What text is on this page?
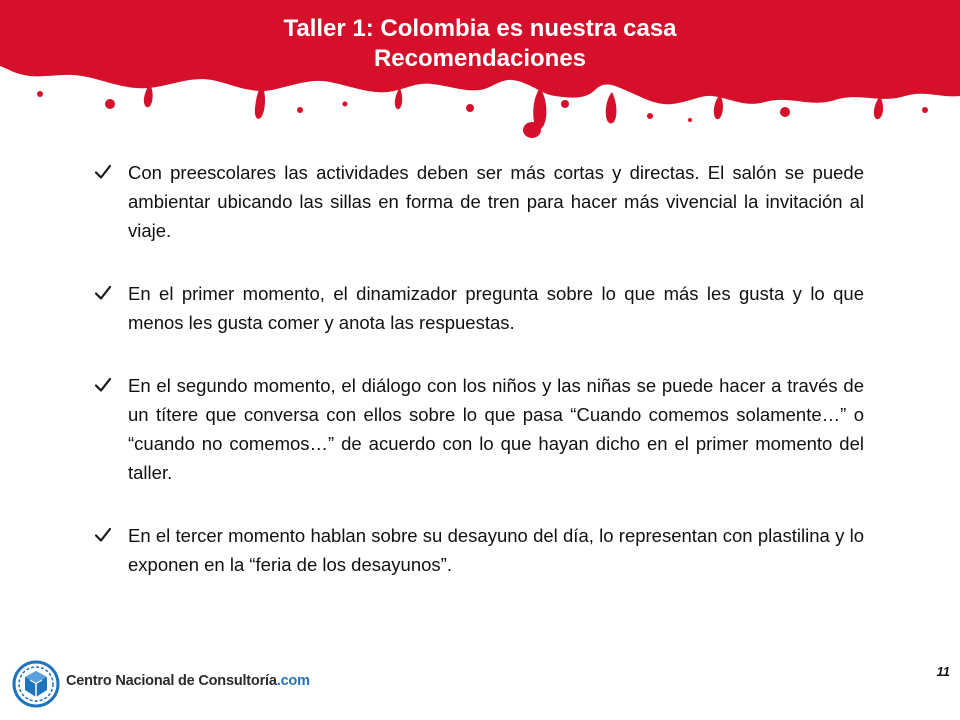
Taller 1: Colombia es nuestra casa
Recomendaciones
Con preescolares las actividades deben ser más cortas y directas. El salón se puede ambientar ubicando las sillas en forma de tren para hacer más vivencial la invitación al viaje.
En el primer momento, el dinamizador pregunta sobre lo que más les gusta y lo que menos les gusta comer y anota las respuestas.
En el segundo momento, el diálogo con los niños y las niñas se puede hacer a través de un títere que conversa con ellos sobre lo que pasa “Cuando comemos solamente…” o “cuando no comemos…” de acuerdo con lo que hayan dicho en el primer momento del taller.
En el tercer momento hablan sobre su desayuno del día, lo representan con plastilina y lo exponen en la “feria de los desayunos”.
Centro Nacional de Consultoría.com
11
